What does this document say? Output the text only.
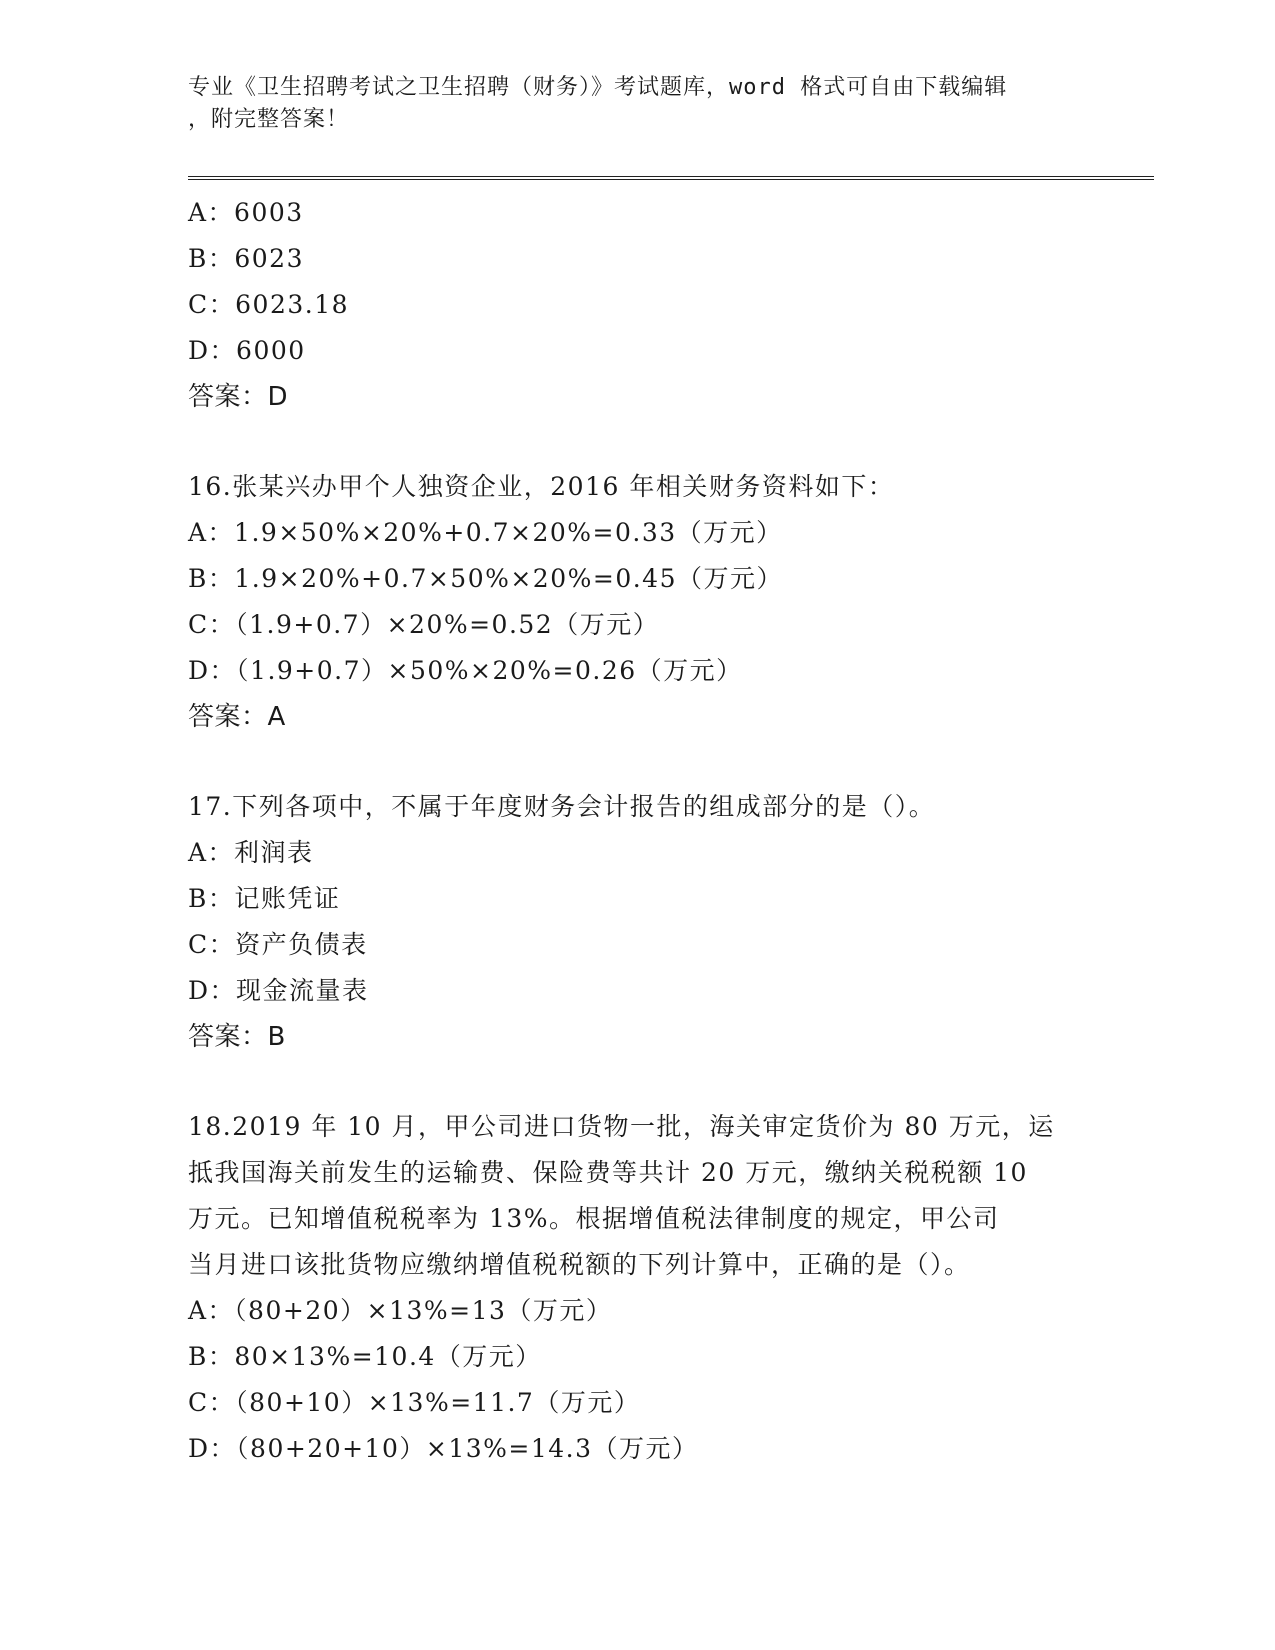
专业《卫生招聘考试之卫生招聘（财务）》考试题库，word 格式可自由下载编辑
，附完整答案！
A：6003
B：6023
C：6023.18
D：6000
答案：D
16.张某兴办甲个人独资企业，2016 年相关财务资料如下：
A：1.9×50%×20%+0.7×20%=0.33（万元）
B：1.9×20%+0.7×50%×20%=0.45（万元）
C：（1.9+0.7）×20%=0.52（万元）
D：（1.9+0.7）×50%×20%=0.26（万元）
答案：A
17.下列各项中，不属于年度财务会计报告的组成部分的是（）。
A：利润表
B：记账凭证
C：资产负债表
D：现金流量表
答案：B
18.2019 年 10 月，甲公司进口货物一批，海关审定货价为 80 万元，运
抵我国海关前发生的运输费、保险费等共计 20 万元，缴纳关税税额 10
万元。已知增值税税率为 13%。根据增值税法律制度的规定，甲公司
当月进口该批货物应缴纳增值税税额的下列计算中，正确的是（）。
A：（80+20）×13%=13（万元）
B：80×13%=10.4（万元）
C：（80+10）×13%=11.7（万元）
D：（80+20+10）×13%=14.3（万元）
